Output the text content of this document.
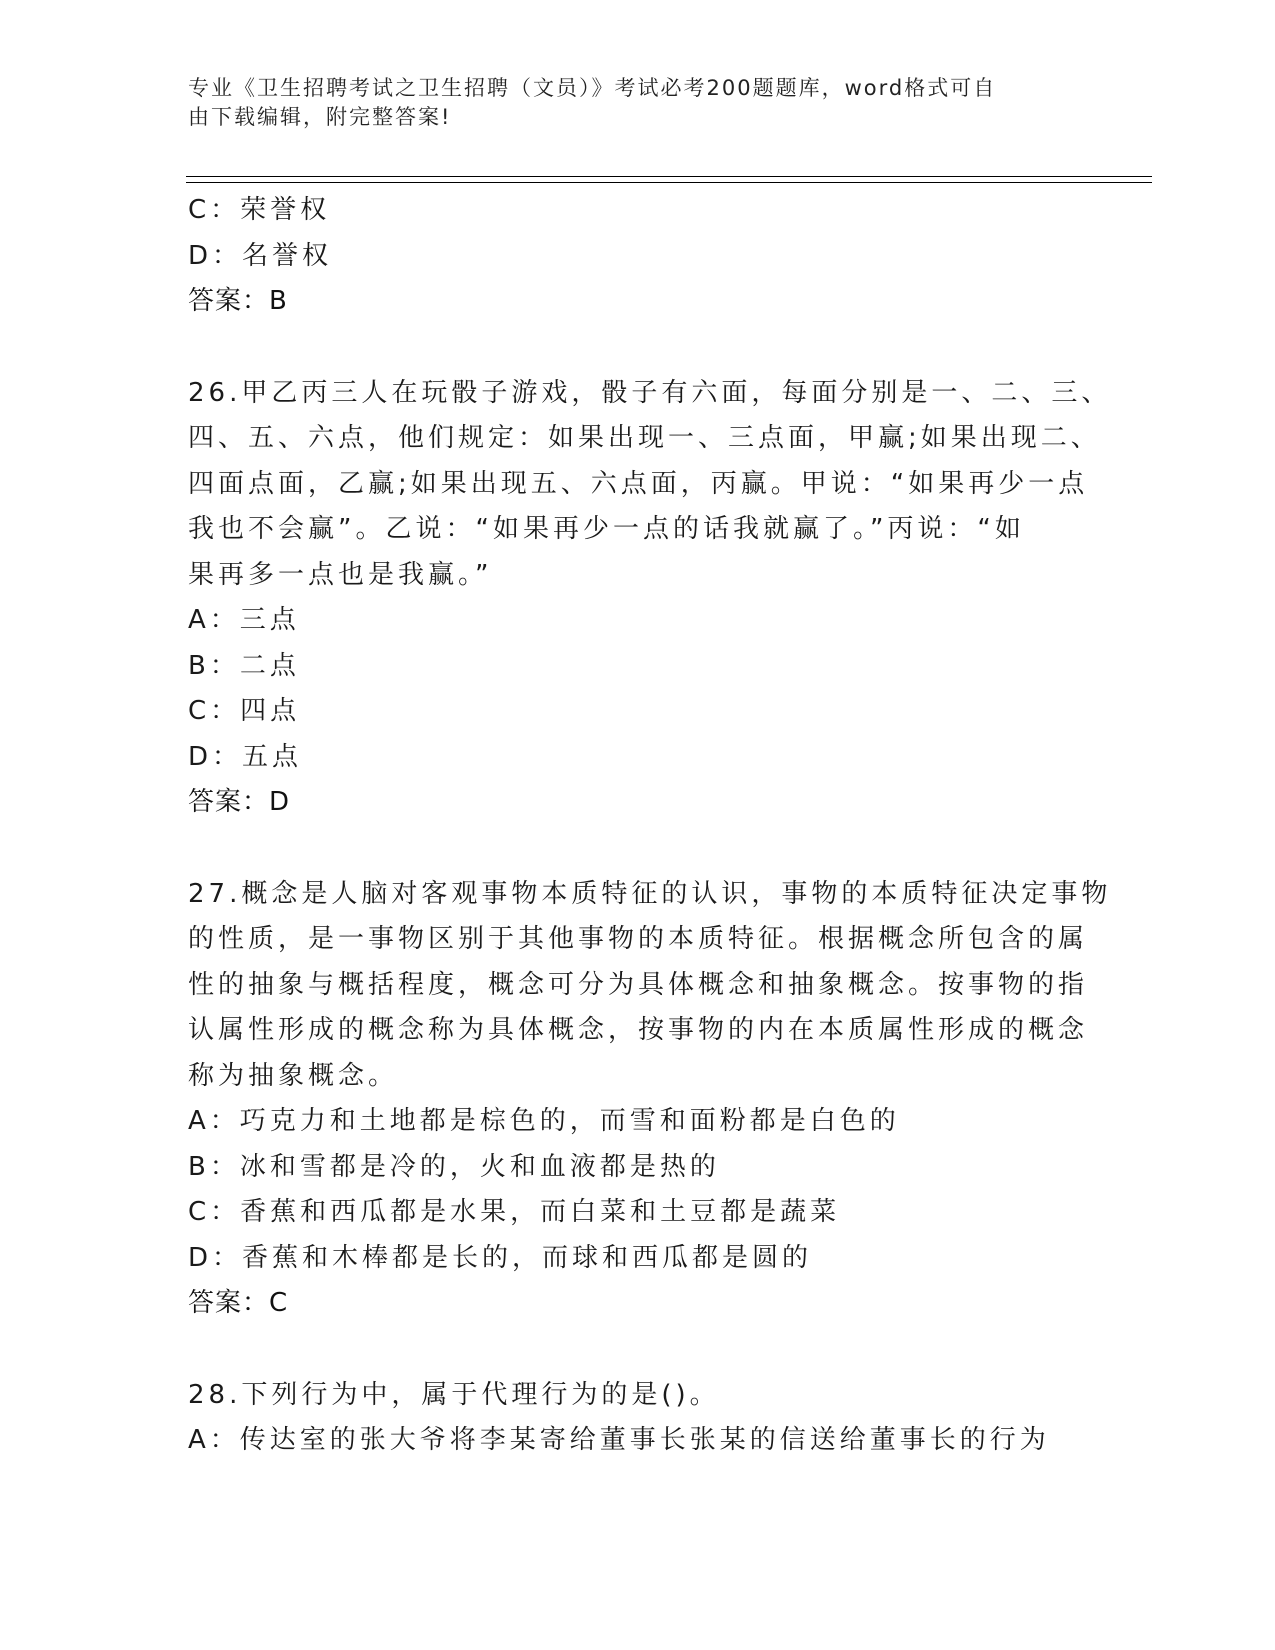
专业《卫生招聘考试之卫生招聘（文员）》考试必考200题题库，word格式可自
由下载编辑，附完整答案!
C：荣誉权
D：名誉权
答案：B
26.甲乙丙三人在玩骰子游戏，骰子有六面，每面分别是一、二、三、
四、五、六点，他们规定：如果出现一、三点面，甲赢;如果出现二、
四面点面，乙赢;如果出现五、六点面，丙赢。甲说：“如果再少一点
我也不会赢”。乙说：“如果再少一点的话我就赢了。”丙说：“如
果再多一点也是我赢。”
A：三点
B：二点
C：四点
D：五点
答案：D
27.概念是人脑对客观事物本质特征的认识，事物的本质特征决定事物
的性质，是一事物区别于其他事物的本质特征。根据概念所包含的属
性的抽象与概括程度，概念可分为具体概念和抽象概念。按事物的指
认属性形成的概念称为具体概念，按事物的内在本质属性形成的概念
称为抽象概念。
A：巧克力和土地都是棕色的，而雪和面粉都是白色的
B：冰和雪都是冷的，火和血液都是热的
C：香蕉和西瓜都是水果，而白菜和土豆都是蔬菜
D：香蕉和木棒都是长的，而球和西瓜都是圆的
答案：C
28.下列行为中，属于代理行为的是()。
A：传达室的张大爷将李某寄给董事长张某的信送给董事长的行为
